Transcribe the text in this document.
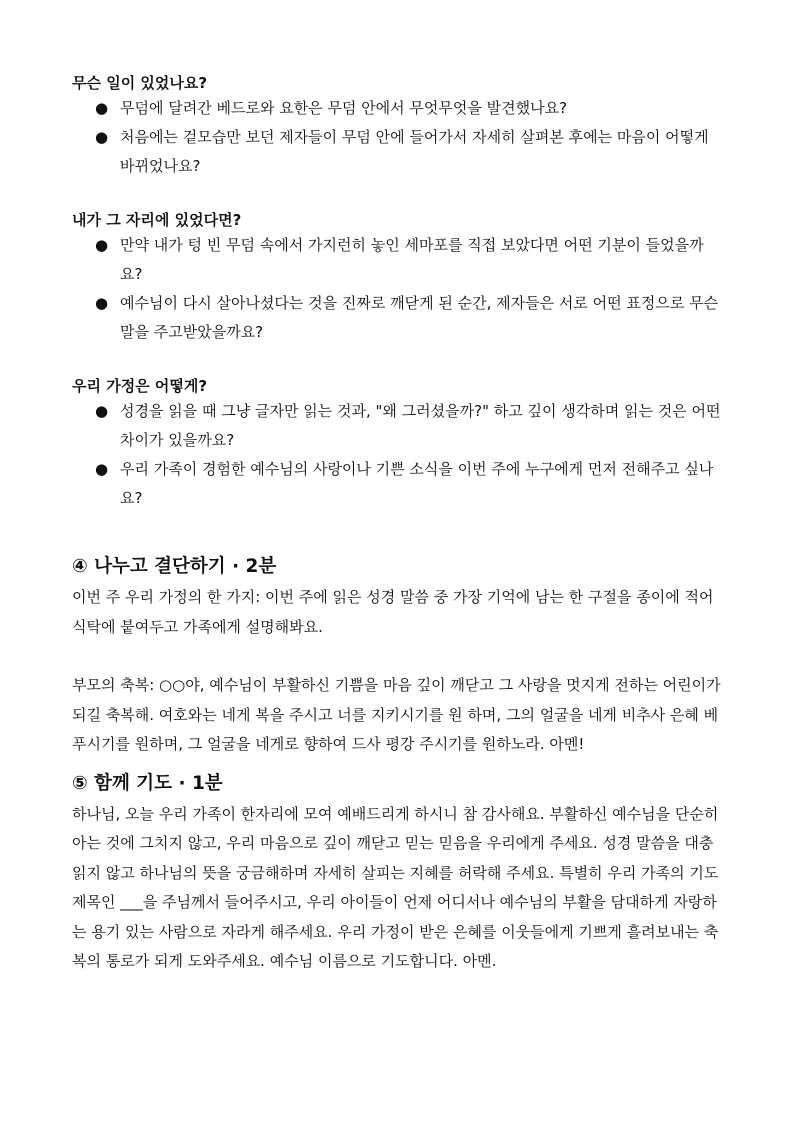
무슨 일이 있었나요?
● 무덤에 달려간 베드로와 요한은 무덤 안에서 무엇무엇을 발견했나요?
● 처음에는 겉모습만 보던 제자들이 무덤 안에 들어가서 자세히 살펴본 후에는 마음이 어떻게 바뀌었나요?
내가 그 자리에 있었다면?
● 만약 내가 텅 빈 무덤 속에서 가지런히 놓인 세마포를 직접 보았다면 어떤 기분이 들었을까요?
● 예수님이 다시 살아나셨다는 것을 진짜로 깨닫게 된 순간, 제자들은 서로 어떤 표정으로 무슨 말을 주고받았을까요?
우리 가정은 어떻게?
● 성경을 읽을 때 그냥 글자만 읽는 것과, "왜 그러셨을까?" 하고 깊이 생각하며 읽는 것은 어떤 차이가 있을까요?
● 우리 가족이 경험한 예수님의 사랑이나 기쁜 소식을 이번 주에 누구에게 먼저 전해주고 싶나요?
④ 나누고 결단하기 · 2분

이번 주 우리 가정의 한 가지: 이번 주에 읽은 성경 말씀 중 가장 기억에 남는 한 구절을 종이에 적어 식탁에 붙여두고 가족에게 설명해봐요.

부모의 축복: ○○야, 예수님이 부활하신 기쁨을 마음 깊이 깨닫고 그 사랑을 멋지게 전하는 어린이가 되길 축복해. 여호와는 네게 복을 주시고 너를 지키시기를 원 하며, 그의 얼굴을 네게 비추사 은혜 베푸시기를 원하며, 그 얼굴을 네게로 향하여 드사 평강 주시기를 원하노라. 아멘!

⑤ 함께 기도 · 1분

하나님, 오늘 우리 가족이 한자리에 모여 예배드리게 하시니 참 감사해요. 부활하신 예수님을 단순히 아는 것에 그치지 않고, 우리 마음으로 깊이 깨닫고 믿는 믿음을 우리에게 주세요. 성경 말씀을 대충 읽지 않고 하나님의 뜻을 궁금해하며 자세히 살피는 지혜를 허락해 주세요. 특별히 우리 가족의 기도제목인 ___을 주님께서 들어주시고, 우리 아이들이 언제 어디서나 예수님의 부활을 담대하게 자랑하는 용기 있는 사람으로 자라게 해주세요. 우리 가정이 받은 은혜를 이웃들에게 기쁘게 흘려보내는 축복의 통로가 되게 도와주세요. 예수님 이름으로 기도합니다. 아멘.
